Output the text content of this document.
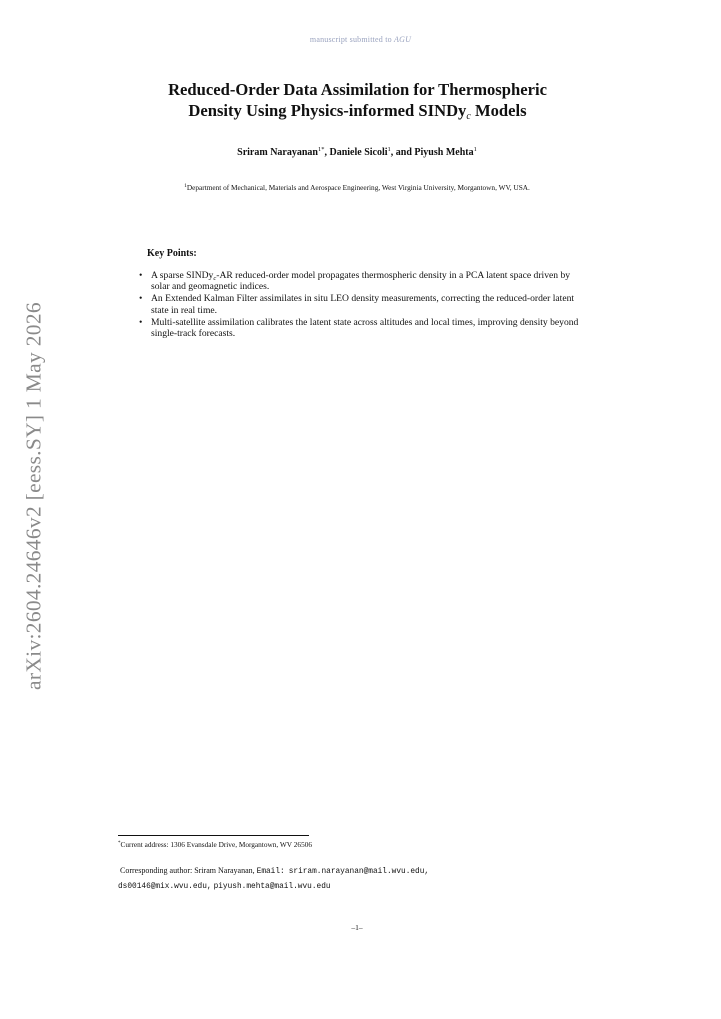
manuscript submitted to AGU
arXiv:2604.24646v2 [eess.SY] 1 May 2026
Reduced-Order Data Assimilation for Thermospheric
Density Using Physics-informed SINDy$_c$ Models
Sriram Narayanan$^{1*}$, Daniele Sicoli$^1$, and Piyush Mehta$^1$
$^1$Department of Mechanical, Materials and Aerospace Engineering, West Virginia University, Morgantown, WV, USA.
Key Points:
• A sparse SINDy$_c$-AR reduced-order model propagates thermospheric density in a PCA latent space driven by solar and geomagnetic indices.
• An Extended Kalman Filter assimilates in situ LEO density measurements, correcting the reduced-order latent state in real time.
• Multi-satellite assimilation calibrates the latent state across altitudes and local times, improving density beyond single-track forecasts.
*Current address: 1306 Evansdale Drive, Morgantown, WV 26506
Corresponding author: Sriram Narayanan, Email: sriram.narayanan@mail.wvu.edu,
ds00146@mix.wvu.edu, piyush.mehta@mail.wvu.edu
–1–
